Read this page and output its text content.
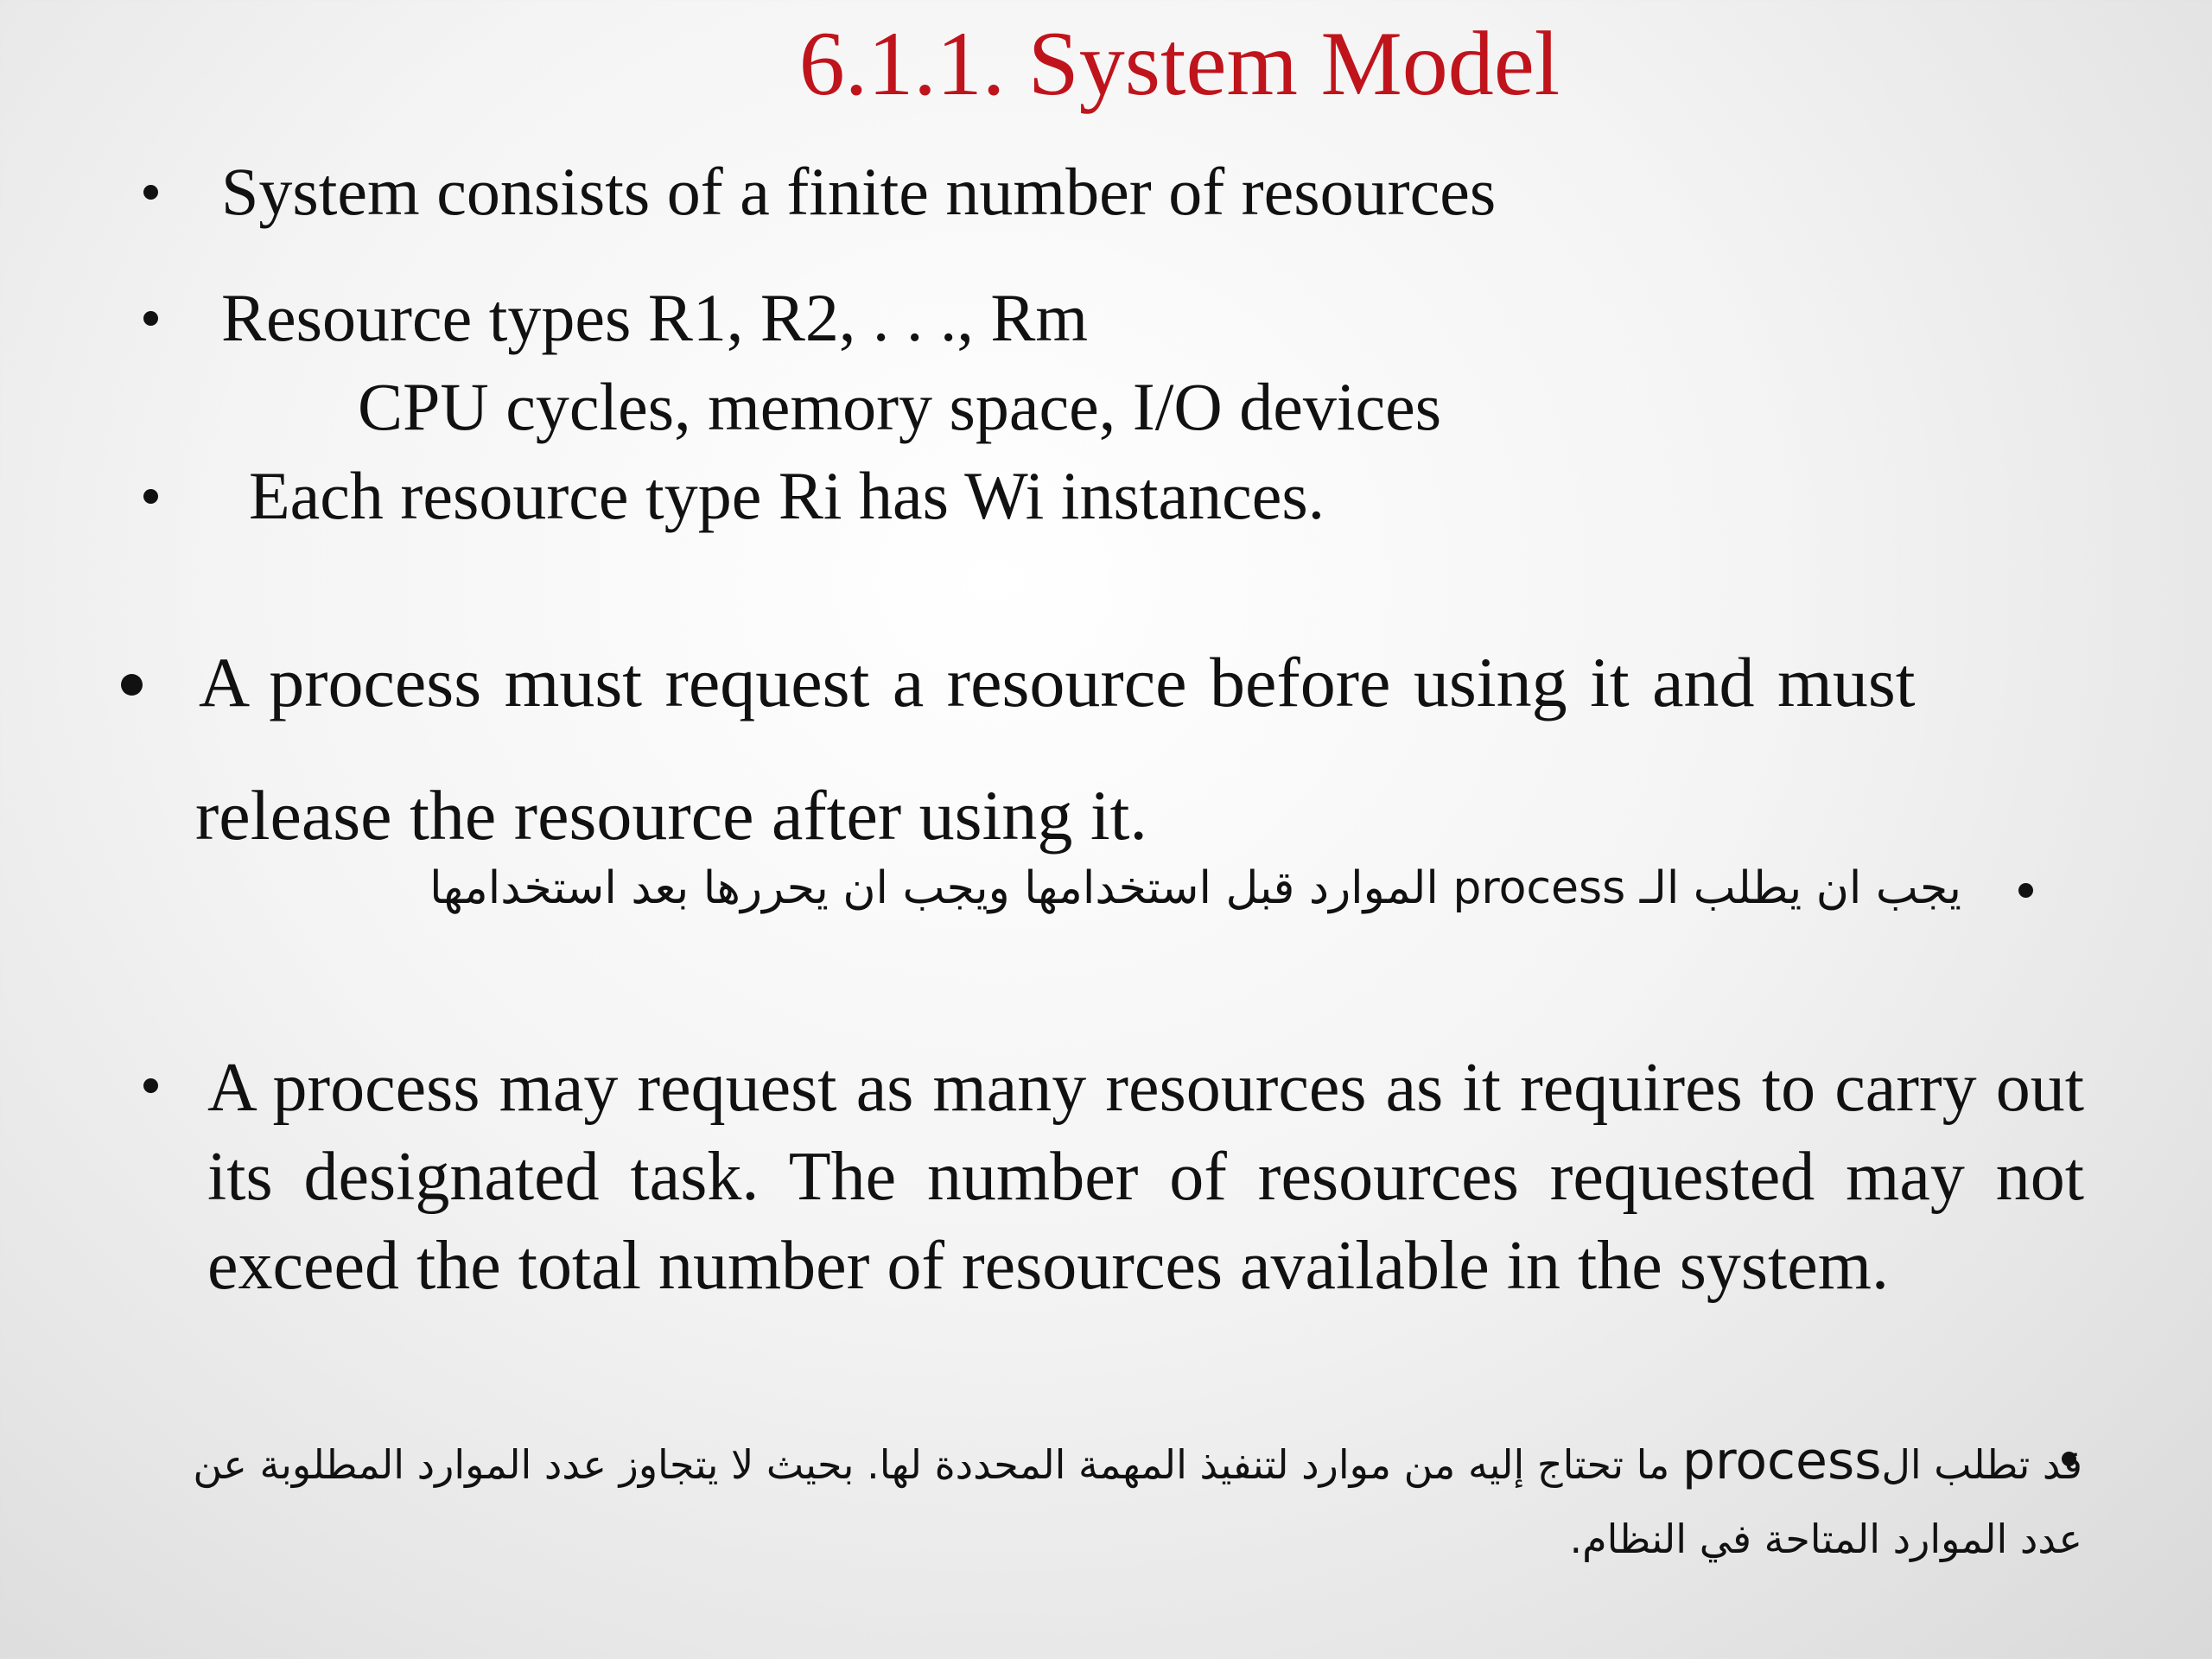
6.1.1. System Model
System consists of a finite number of resources
Resource types R1, R2, . . ., Rm
CPU cycles, memory space, I/O devices
Each resource type Ri has Wi instances.
A process must request a resource before using it and must
release the resource after using it.
يجب ان يطلب الـ process الموارد قبل استخدامها ويجب ان يحررها بعد استخدامها
A process may request as many resources as it requires to carry out its designated task. The number of resources requested may not exceed the total number of resources available in the system.
قد تطلب الprocess ما تحتاج إليه من موارد لتنفيذ المهمة المحددة لها. بحيث لا يتجاوز عدد الموارد المطلوبة عن عدد الموارد المتاحة في النظام.
